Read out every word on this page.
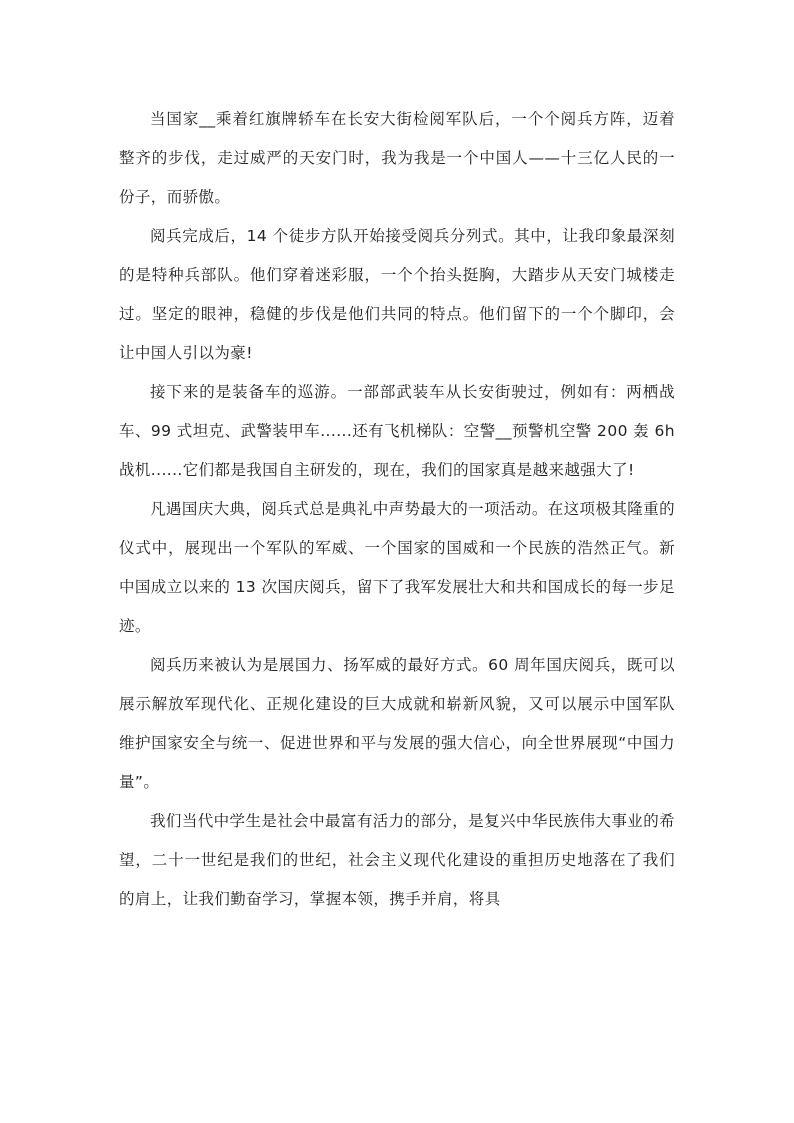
当国家__乘着红旗牌轿车在长安大街检阅军队后，一个个阅兵方阵，迈着整齐的步伐，走过威严的天安门时，我为我是一个中国人——十三亿人民的一份子，而骄傲。

阅兵完成后，14 个徒步方队开始接受阅兵分列式。其中，让我印象最深刻的是特种兵部队。他们穿着迷彩服，一个个抬头挺胸，大踏步从天安门城楼走过。坚定的眼神，稳健的步伐是他们共同的特点。他们留下的一个个脚印，会让中国人引以为豪!

接下来的是装备车的巡游。一部部武装车从长安街驶过，例如有：两栖战车、99 式坦克、武警装甲车......还有飞机梯队：空警__预警机空警 200 轰 6h 战机......它们都是我国自主研发的，现在，我们的国家真是越来越强大了!

凡遇国庆大典，阅兵式总是典礼中声势最大的一项活动。在这项极其隆重的仪式中，展现出一个军队的军威、一个国家的国威和一个民族的浩然正气。新中国成立以来的 13 次国庆阅兵，留下了我军发展壮大和共和国成长的每一步足迹。

阅兵历来被认为是展国力、扬军威的最好方式。60 周年国庆阅兵，既可以展示解放军现代化、正规化建设的巨大成就和崭新风貌，又可以展示中国军队维护国家安全与统一、促进世界和平与发展的强大信心，向全世界展现“中国力量”。

我们当代中学生是社会中最富有活力的部分，是复兴中华民族伟大事业的希望，二十一世纪是我们的世纪，社会主义现代化建设的重担历史地落在了我们的肩上，让我们勤奋学习，掌握本领，携手并肩，将具
